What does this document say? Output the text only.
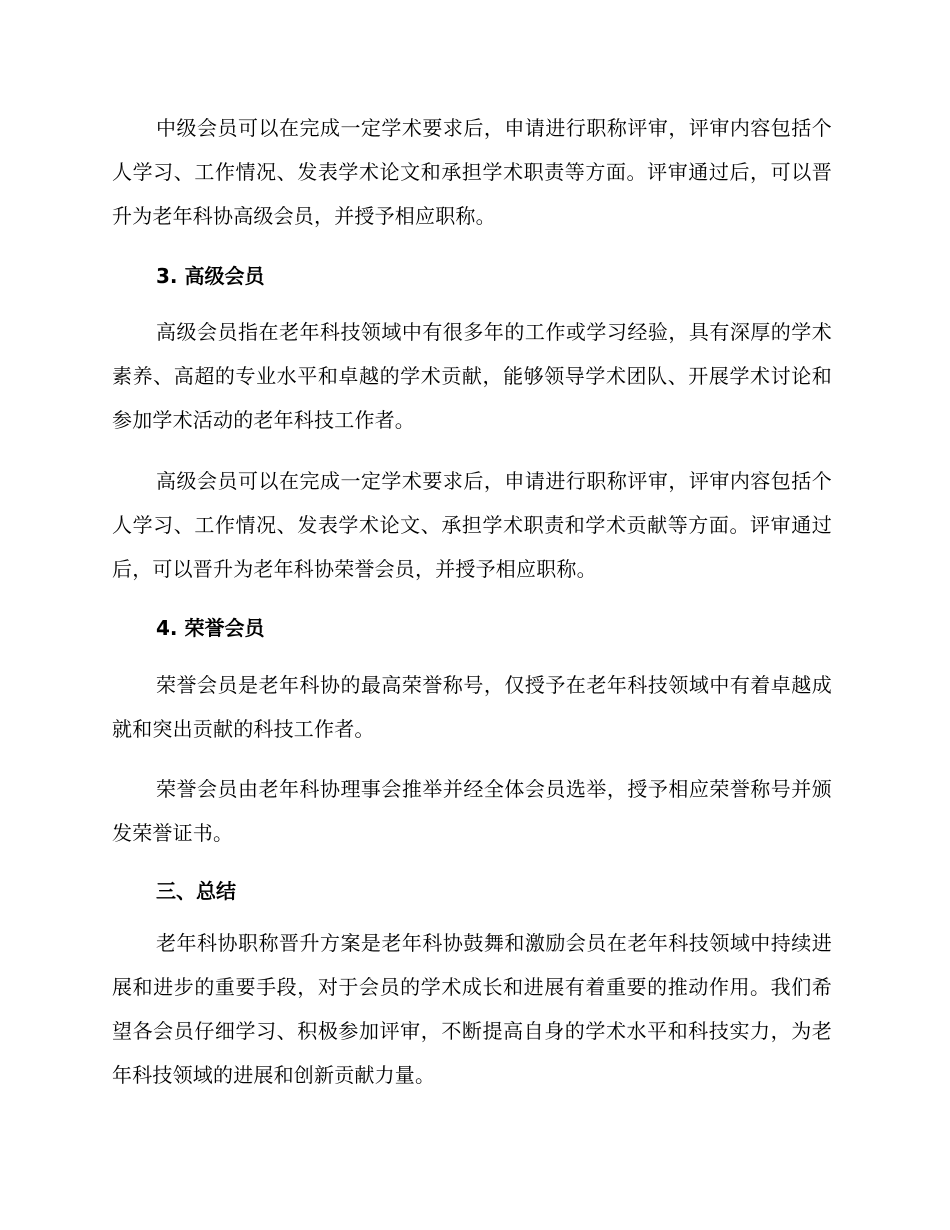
中级会员可以在完成一定学术要求后，申请进行职称评审，评审内容包括个人学习、工作情况、发表学术论文和承担学术职责等方面。评审通过后，可以晋升为老年科协高级会员，并授予相应职称。

3. 高级会员

高级会员指在老年科技领域中有很多年的工作或学习经验，具有深厚的学术素养、高超的专业水平和卓越的学术贡献，能够领导学术团队、开展学术讨论和参加学术活动的老年科技工作者。

高级会员可以在完成一定学术要求后，申请进行职称评审，评审内容包括个人学习、工作情况、发表学术论文、承担学术职责和学术贡献等方面。评审通过后，可以晋升为老年科协荣誉会员，并授予相应职称。

4. 荣誉会员

荣誉会员是老年科协的最高荣誉称号，仅授予在老年科技领域中有着卓越成就和突出贡献的科技工作者。

荣誉会员由老年科协理事会推举并经全体会员选举，授予相应荣誉称号并颁发荣誉证书。

三、总结

老年科协职称晋升方案是老年科协鼓舞和激励会员在老年科技领域中持续进展和进步的重要手段，对于会员的学术成长和进展有着重要的推动作用。我们希望各会员仔细学习、积极参加评审，不断提高自身的学术水平和科技实力，为老年科技领域的进展和创新贡献力量。
